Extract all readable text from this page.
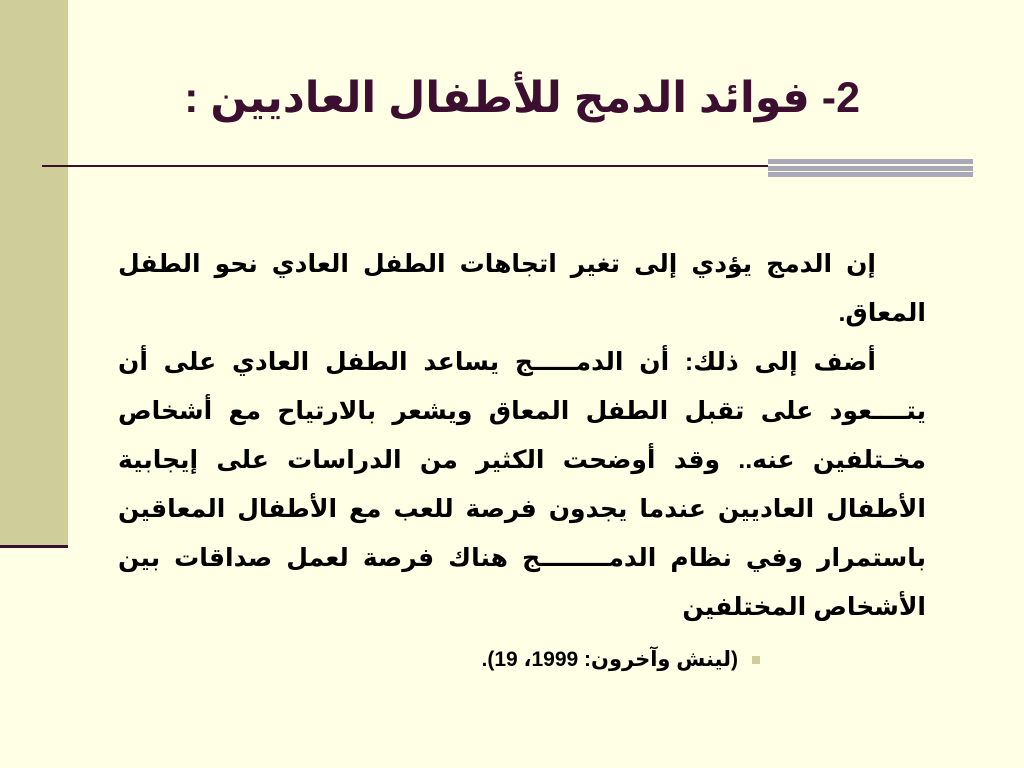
2- فوائد الدمج للأطفال العاديين :

إن الدمج يؤدي إلى تغير اتجاهات الطفل العادي نحو الطفل المعاق.

أضف إلى ذلك: أن الدمـــــج يساعد الطفل العادي على أن يتــــعود على تقبل الطفل المعاق ويشعر بالارتياح مع أشخاص مخـتلفين عنه.. وقد أوضحت الكثير من الدراسات على إيجابية الأطفال العاديين عندما يجدون فرصة للعب مع الأطفال المعاقين باستمرار وفي نظام الدمــــــــج هناك فرصة لعمل صداقات بين الأشخاص المختلفين

(لينش وآخرون: 1999، 19).
